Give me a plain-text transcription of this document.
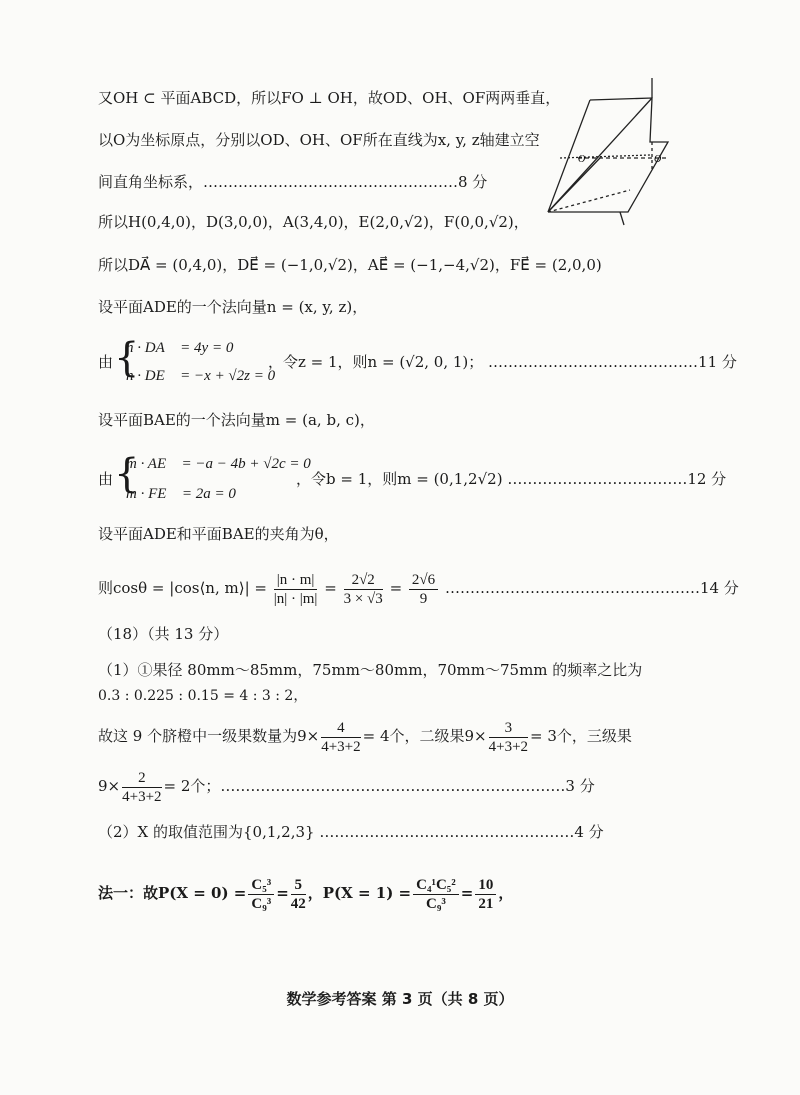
又OH ⊂ 平面ABCD，所以FO ⊥ OH，故OD、OH、OF两两垂直，
以O为坐标原点，分别以OD、OH、OF所在直线为x, y, z轴建立空
间直角坐标系，……………………………………………8 分
所以H(0,4,0)，D(3,0,0)，A(3,4,0)，E(2,0,√2)，F(0,0,√2)，
所以DA⃗ = (0,4,0)，DE⃗ = (−1,0,√2)，AE⃗ = (−1,−4,√2)，FE⃗ = (2,0,0)
设平面ADE的一个法向量n = (x, y, z)，
由 {
n · DA⃗ = 4y = 0
n · DE⃗ = −x + √2z = 0
，令z = 1，则n = (√2, 0, 1)； ……………………………………11 分
设平面BAE的一个法向量m = (a, b, c)，
由 {
m · AE⃗ = −a − 4b + √2c = 0
m · FE⃗ = 2a = 0
，令b = 1，则m = (0,1,2√2) ………………………………12 分
设平面ADE和平面BAE的夹角为θ，
则cosθ = |cos⟨n, m⟩| = $\frac{|n \cdot m|}{|n| \cdot |m|} = \frac{2√2}{3 \times √3} = \frac{2√6}{9}$ ……………………………………………14 分
（18）（共 13 分）
（1）①果径 80mm～85mm，75mm～80mm，70mm～75mm 的频率之比为
0.3 : 0.225 : 0.15 = 4 : 3 : 2，
故这 9 个脐橙中一级果数量为$9\times \frac{4}{4+3+2} = 4$个，二级果$9\times \frac{3}{4+3+2} = 3$个，三级果
$9\times \frac{2}{4+3+2} = 2$个；……………………………………………………………3 分
（2）X 的取值范围为{0,1,2,3} ……………………………………………4 分
法一：故$P(X = 0) = \frac{\text{C₅³}}{\text{C₉³}} = \frac{5}{42}$ ，$P(X = 1) = \frac{\text{C₄¹C₅²}}{\text{C₉³}} = \frac{10}{21}$ ，
O	O
数学参考答案 第 3 页（共 8 页）
